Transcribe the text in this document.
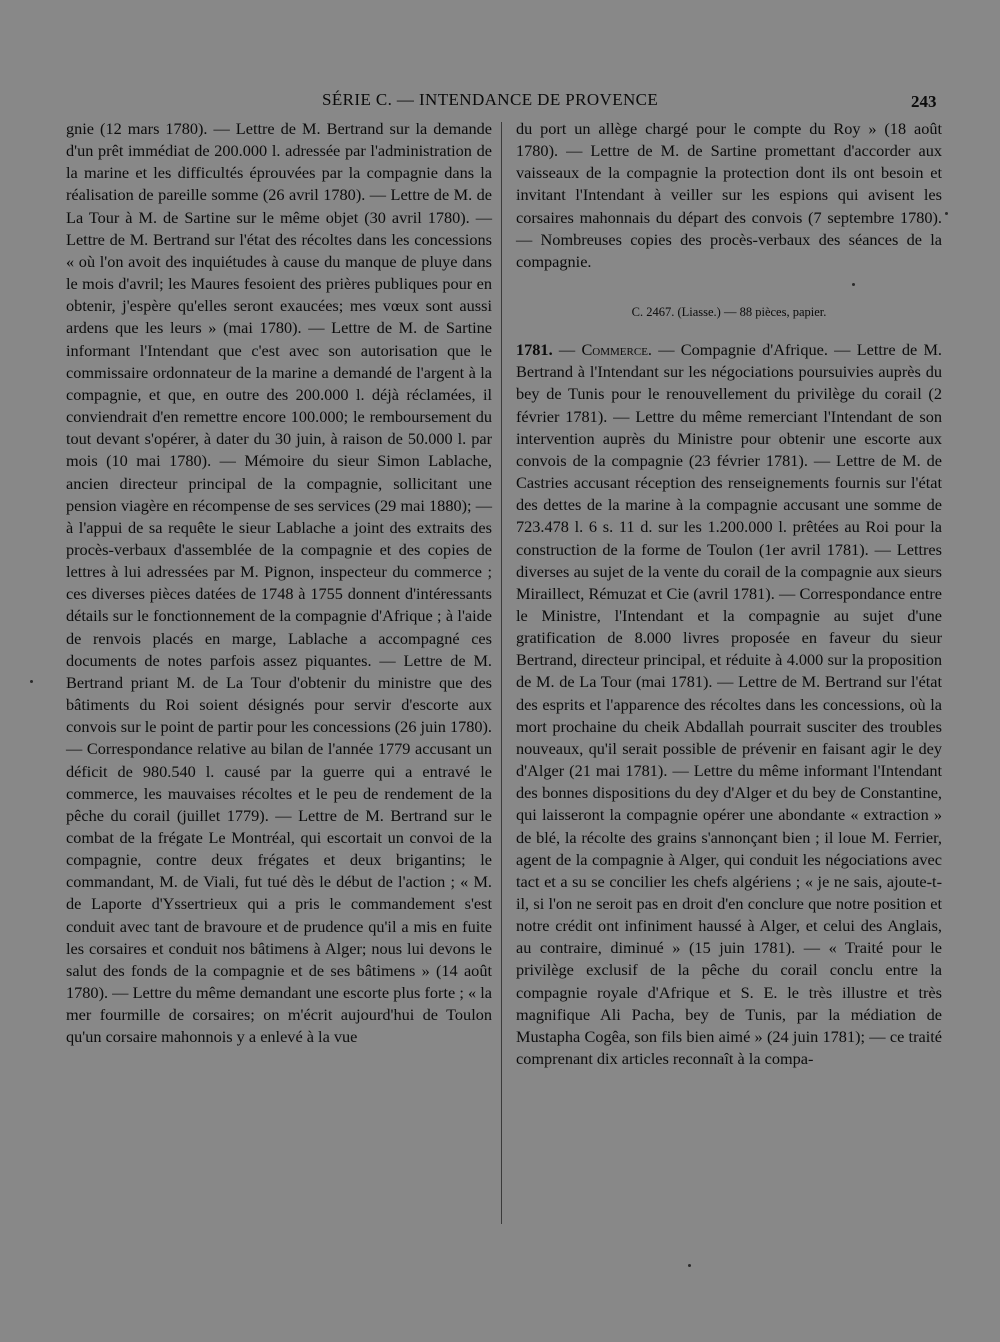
SÉRIE C. — INTENDANCE DE PROVENCE	243

gnie (12 mars 1780). — Lettre de M. Bertrand sur la demande d'un prêt immédiat de 200.000 l. adressée par l'administration de la marine et les difficultés éprouvées par la compagnie dans la réalisation de pareille somme (26 avril 1780). — Lettre de M. de La Tour à M. de Sartine sur le même objet (30 avril 1780). — Lettre de M. Bertrand sur l'état des récoltes dans les concessions « où l'on avoit des inquiétudes à cause du manque de pluye dans le mois d'avril; les Maures fesoient des prières publiques pour en obtenir, j'espère qu'elles seront exaucées; mes vœux sont aussi ardens que les leurs » (mai 1780). — Lettre de M. de Sartine informant l'Intendant que c'est avec son autorisation que le commissaire ordonnateur de la marine a demandé de l'argent à la compagnie, et que, en outre des 200.000 l. déjà réclamées, il conviendrait d'en remettre encore 100.000; le remboursement du tout devant s'opérer, à dater du 30 juin, à raison de 50.000 l. par mois (10 mai 1780). — Mémoire du sieur Simon Lablache, ancien directeur principal de la compagnie, sollicitant une pension viagère en récompense de ses services (29 mai 1880); — à l'appui de sa requête le sieur Lablache a joint des extraits des procès-verbaux d'assemblée de la compagnie et des copies de lettres à lui adressées par M. Pignon, inspecteur du commerce ; ces diverses pièces datées de 1748 à 1755 donnent d'intéressants détails sur le fonctionnement de la compagnie d'Afrique ; à l'aide de renvois placés en marge, Lablache a accompagné ces documents de notes parfois assez piquantes. — Lettre de M. Bertrand priant M. de La Tour d'obtenir du ministre que des bâtiments du Roi soient désignés pour servir d'escorte aux convois sur le point de partir pour les concessions (26 juin 1780). — Correspondance relative au bilan de l'année 1779 accusant un déficit de 980.540 l. causé par la guerre qui a entravé le commerce, les mauvaises récoltes et le peu de rendement de la pêche du corail (juillet 1779). — Lettre de M. Bertrand sur le combat de la frégate Le Montréal, qui escortait un convoi de la compagnie, contre deux frégates et deux brigantins; le commandant, M. de Viali, fut tué dès le début de l'action ; « M. de Laporte d'Yssertrieux qui a pris le commandement s'est conduit avec tant de bravoure et de prudence qu'il a mis en fuite les corsaires et conduit nos bâtimens à Alger; nous lui devons le salut des fonds de la compagnie et de ses bâtimens » (14 août 1780). — Lettre du même demandant une escorte plus forte ; « la mer fourmille de corsaires; on m'écrit aujourd'hui de Toulon qu'un corsaire mahonnois y a enlevé à la vue

du port un allège chargé pour le compte du Roy » (18 août 1780). — Lettre de M. de Sartine promettant d'accorder aux vaisseaux de la compagnie la protection dont ils ont besoin et invitant l'Intendant à veiller sur les espions qui avisent les corsaires mahonnais du départ des convois (7 septembre 1780). — Nombreuses copies des procès-verbaux des séances de la compagnie.

C. 2467. (Liasse.) — 88 pièces, papier.

1781. — Commerce. — Compagnie d'Afrique. — Lettre de M. Bertrand à l'Intendant sur les négociations poursuivies auprès du bey de Tunis pour le renouvellement du privilège du corail (2 février 1781). — Lettre du même remerciant l'Intendant de son intervention auprès du Ministre pour obtenir une escorte aux convois de la compagnie (23 février 1781). — Lettre de M. de Castries accusant réception des renseignements fournis sur l'état des dettes de la marine à la compagnie accusant une somme de 723.478 l. 6 s. 11 d. sur les 1.200.000 l. prêtées au Roi pour la construction de la forme de Toulon (1er avril 1781). — Lettres diverses au sujet de la vente du corail de la compagnie aux sieurs Miraillect, Rémuzat et Cie (avril 1781). — Correspondance entre le Ministre, l'Intendant et la compagnie au sujet d'une gratification de 8.000 livres proposée en faveur du sieur Bertrand, directeur principal, et réduite à 4.000 sur la proposition de M. de La Tour (mai 1781). — Lettre de M. Bertrand sur l'état des esprits et l'apparence des récoltes dans les concessions, où la mort prochaine du cheik Abdallah pourrait susciter des troubles nouveaux, qu'il serait possible de prévenir en faisant agir le dey d'Alger (21 mai 1781). — Lettre du même informant l'Intendant des bonnes dispositions du dey d'Alger et du bey de Constantine, qui laisseront la compagnie opérer une abondante « extraction » de blé, la récolte des grains s'annonçant bien ; il loue M. Ferrier, agent de la compagnie à Alger, qui conduit les négociations avec tact et a su se concilier les chefs algériens ; « je ne sais, ajoute-t-il, si l'on ne seroit pas en droit d'en conclure que notre position et notre crédit ont infiniment haussé à Alger, et celui des Anglais, au contraire, diminué » (15 juin 1781). — « Traité pour le privilège exclusif de la pêche du corail conclu entre la compagnie royale d'Afrique et S. E. le très illustre et très magnifique Ali Pacha, bey de Tunis, par la médiation de Mustapha Cogêa, son fils bien aimé » (24 juin 1781); — ce traité comprenant dix articles reconnaît à la compa-
